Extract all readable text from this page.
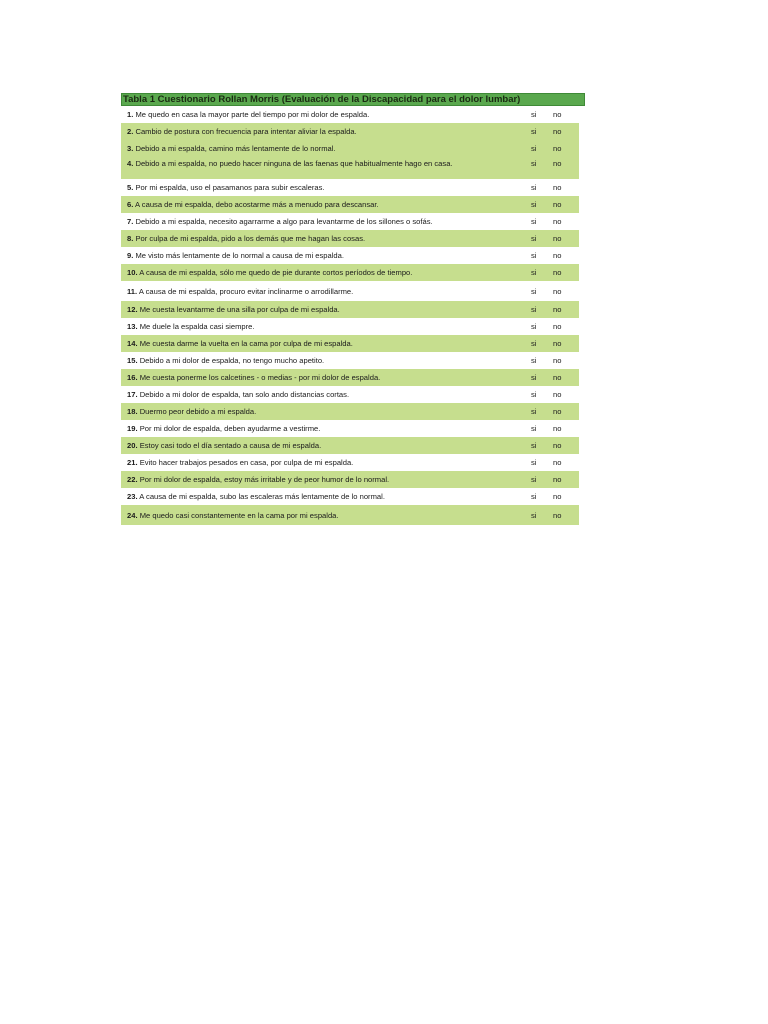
Tabla 1 Cuestionario Rollan Morris (Evaluación de la Discapacidad para el dolor lumbar)
1. Me quedo en casa la mayor parte del tiempo por mi dolor de espalda.	si	no
2. Cambio de postura con frecuencia para intentar aliviar la espalda.	si	no
3. Debido a mi espalda, camino más lentamente de lo normal.	si	no
4. Debido a mi espalda, no puedo hacer ninguna de las faenas que habitualmente hago en casa.	si	no
5. Por mi espalda, uso el pasamanos para subir escaleras.	si	no
6. A causa de mi espalda, debo acostarme más a menudo para descansar.	si	no
7. Debido a mi espalda, necesito agarrarme a algo para levantarme de los sillones o sofás.	si	no
8. Por culpa de mi espalda, pido a los demás que me hagan las cosas.	si	no
9. Me visto más lentamente de lo normal a causa de mi espalda.	si	no
10. A causa de mi espalda, sólo me quedo de pie durante cortos períodos de tiempo.	si	no
11. A causa de mi espalda, procuro evitar inclinarme o arrodillarme.	si	no
12. Me cuesta levantarme de una silla por culpa de mi espalda.	si	no
13. Me duele la espalda casi siempre.	si	no
14. Me cuesta darme la vuelta en la cama por culpa de mi espalda.	si	no
15. Debido a mi dolor de espalda, no tengo mucho apetito.	si	no
16. Me cuesta ponerme los calcetines - o medias - por mi dolor de espalda.	si	no
17. Debido a mi dolor de espalda, tan solo ando distancias cortas.	si	no
18. Duermo peor debido a mi espalda.	si	no
19. Por mi dolor de espalda, deben ayudarme a vestirme.	si	no
20. Estoy casi todo el día sentado a causa de mi espalda.	si	no
21. Evito hacer trabajos pesados en casa, por culpa de mi espalda.	si	no
22. Por mi dolor de espalda, estoy más irritable y de peor humor de lo normal.	si	no
23. A causa de mi espalda, subo las escaleras más lentamente de lo normal.	si	no
24. Me quedo casi constantemente en la cama por mi espalda.	si	no
